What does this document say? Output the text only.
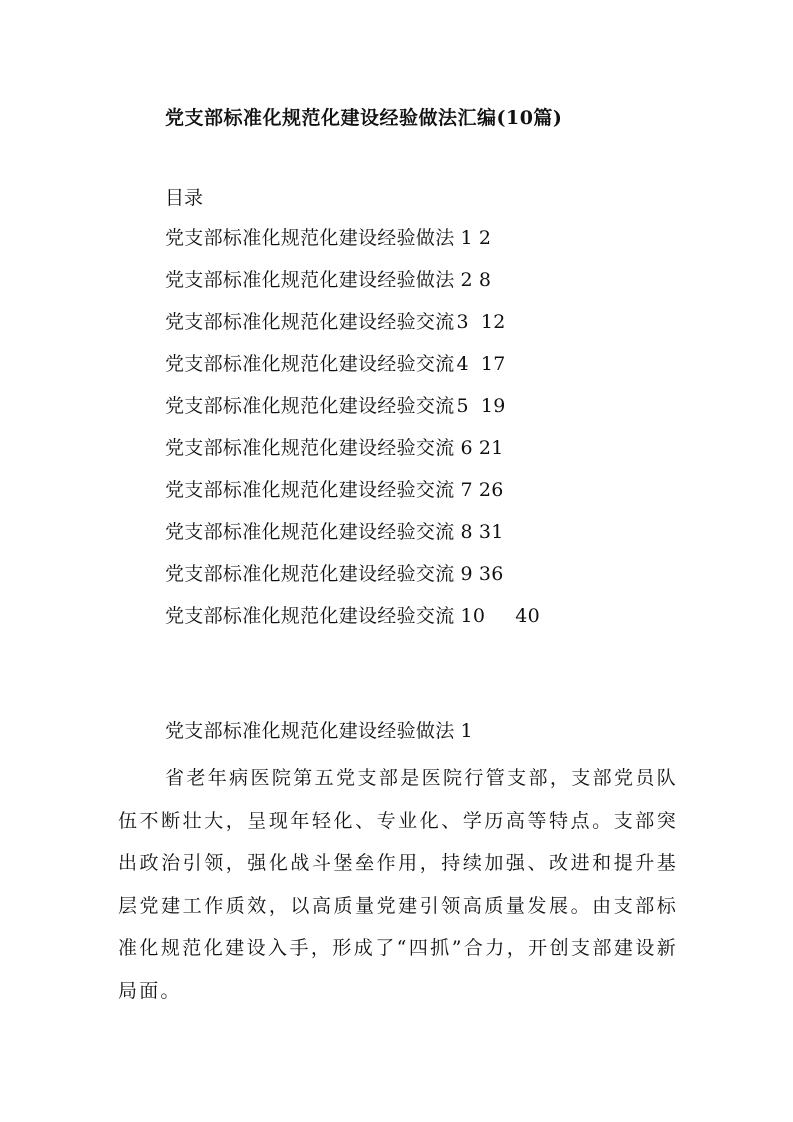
党支部标准化规范化建设经验做法汇编(10篇)
目录
党支部标准化规范化建设经验做法 1 2
党支部标准化规范化建设经验做法 2 8
党支部标准化规范化建设经验交流 3 12
党支部标准化规范化建设经验交流 4 17
党支部标准化规范化建设经验交流 5 19
党支部标准化规范化建设经验交流 6 21
党支部标准化规范化建设经验交流 7 26
党支部标准化规范化建设经验交流 8 31
党支部标准化规范化建设经验交流 9 36
党支部标准化规范化建设经验交流 10 40
党支部标准化规范化建设经验做法 1

省老年病医院第五党支部是医院行管支部，支部党员队伍不断壮大，呈现年轻化、专业化、学历高等特点。支部突出政治引领，强化战斗堡垒作用，持续加强、改进和提升基层党建工作质效，以高质量党建引领高质量发展。由支部标准化规范化建设入手，形成了“四抓”合力，开创支部建设新局面。
